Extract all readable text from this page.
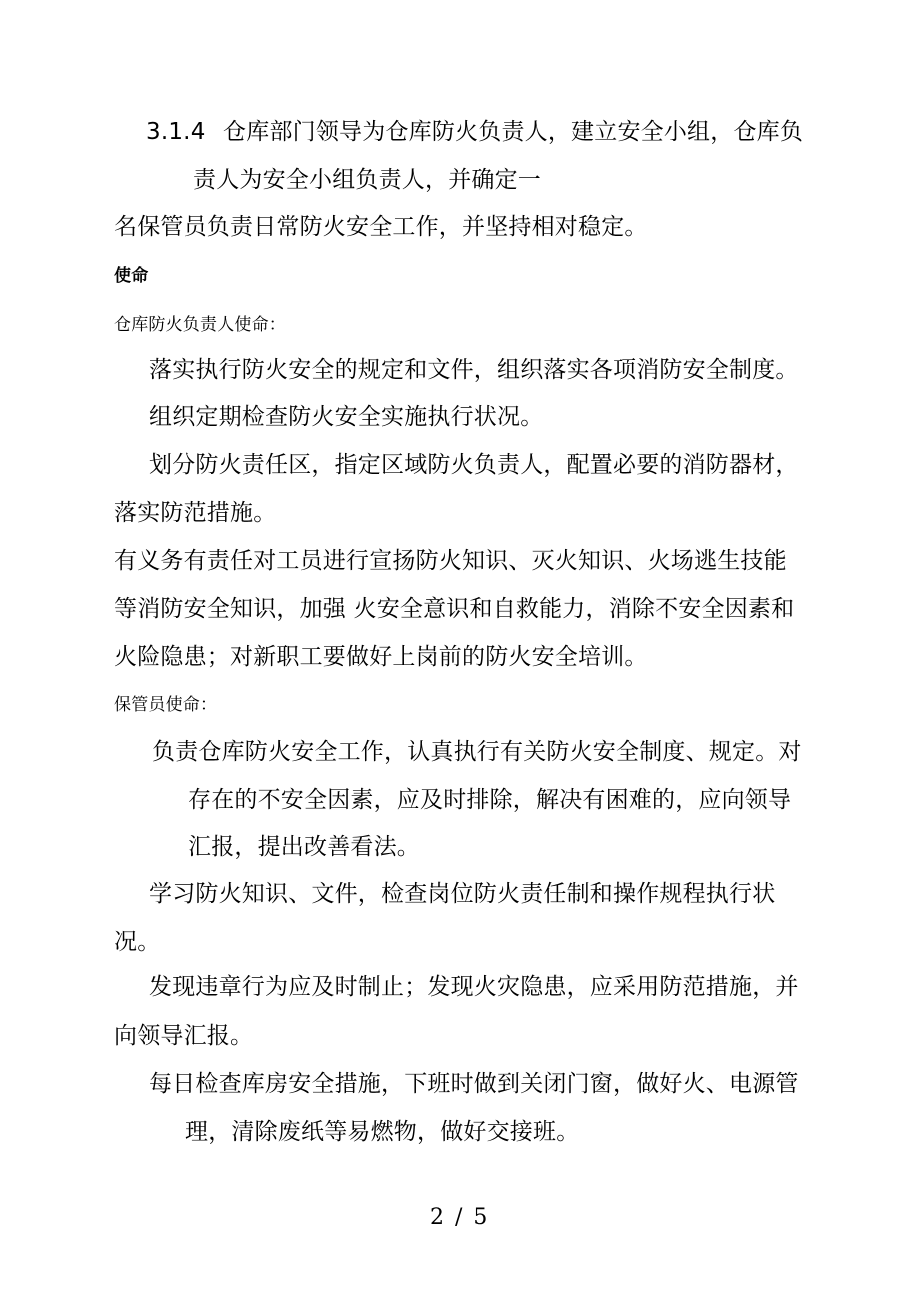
3.1.4 仓库部门领导为仓库防火负责人，建立安全小组，仓库负
责人为安全小组负责人，并确定一
名保管员负责日常防火安全工作，并坚持相对稳定。
使命
仓库防火负责人使命：
落实执行防火安全的规定和文件，组织落实各项消防安全制度。
组织定期检查防火安全实施执行状况。
划分防火责任区，指定区域防火负责人，配置必要的消防器材，
落实防范措施。
有义务有责任对工员进行宣扬防火知识、灭火知识、火场逃生技能
等消防安全知识，加强 火安全意识和自救能力，消除不安全因素和
火险隐患；对新职工要做好上岗前的防火安全培训。
保管员使命：
负责仓库防火安全工作，认真执行有关防火安全制度、规定。对
存在的不安全因素，应及时排除，解决有困难的，应向领导
汇报，提出改善看法。
学习防火知识、文件，检查岗位防火责任制和操作规程执行状
况。
发现违章行为应及时制止；发现火灾隐患，应采用防范措施，并
向领导汇报。
每日检查库房安全措施，下班时做到关闭门窗，做好火、电源管
理，清除废纸等易燃物，做好交接班。
2 / 5
